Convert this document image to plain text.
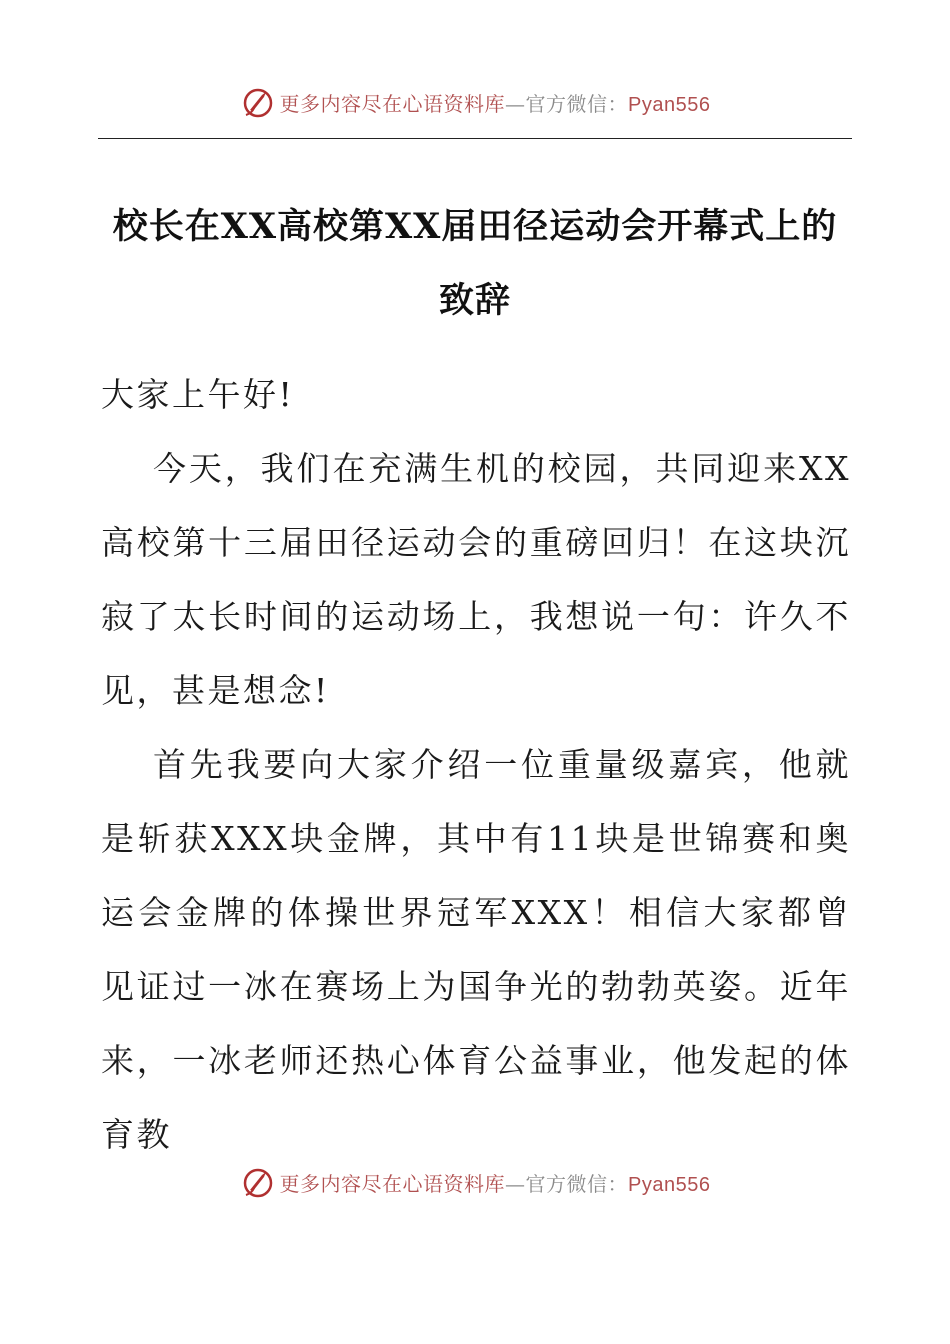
更多内容尽在心语资料库—官方微信：Pyan556
校长在XX高校第XX届田径运动会开幕式上的致辞

大家上午好!

今天，我们在充满生机的校园，共同迎来XX高校第十三届田径运动会的重磅回归！在这块沉寂了太长时间的运动场上，我想说一句：许久不见，甚是想念!

首先我要向大家介绍一位重量级嘉宾，他就是斩获XXX块金牌，其中有11块是世锦赛和奥运会金牌的体操世界冠军XXX！相信大家都曾见证过一冰在赛场上为国争光的勃勃英姿。近年来，一冰老师还热心体育公益事业，他发起的体育教

更多内容尽在心语资料库—官方微信：Pyan556
